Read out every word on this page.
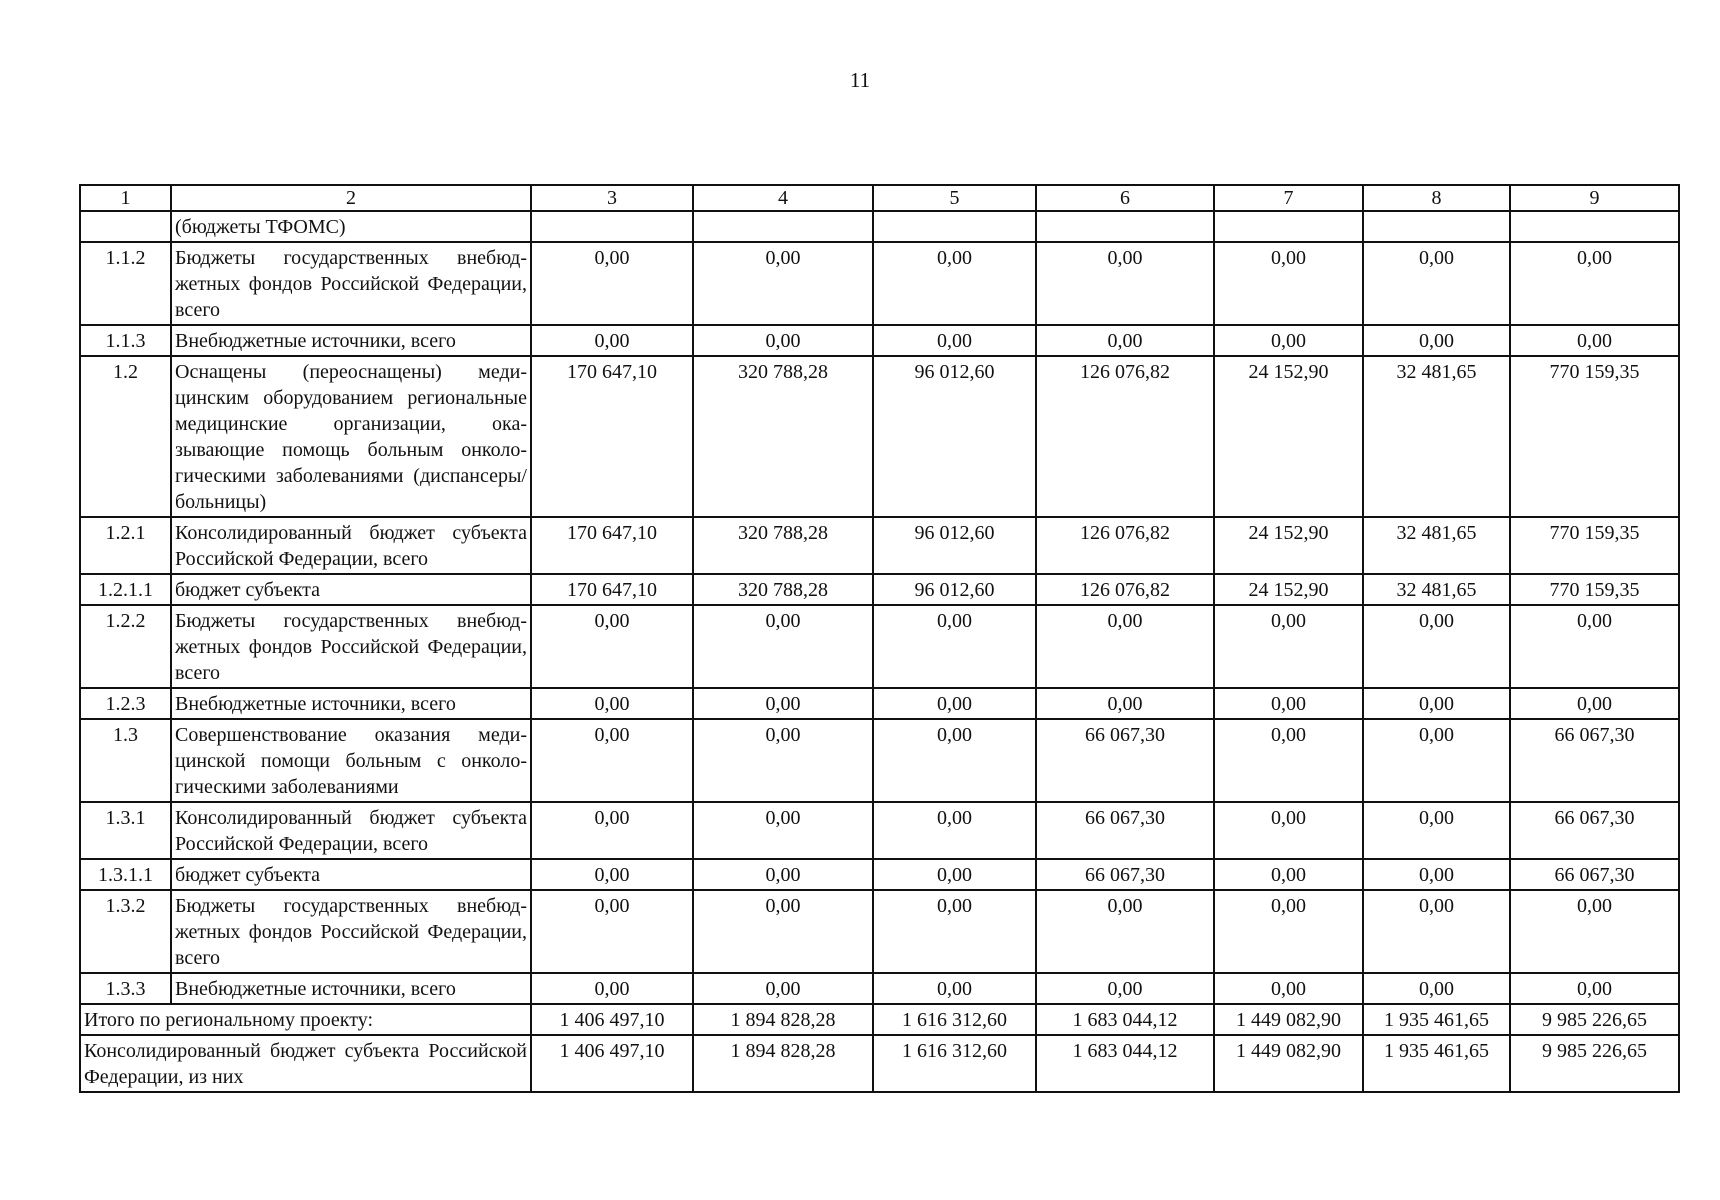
11
1	2	3	4	5	6	7	8	9
	(бюджеты ТФОМС)							
1.1.2	Бюджеты государственных внебюджетных фондов Российской Федерации, всего	0,00	0,00	0,00	0,00	0,00	0,00	0,00
1.1.3	Внебюджетные источники, всего	0,00	0,00	0,00	0,00	0,00	0,00	0,00
1.2	Оснащены (переоснащены) медицинским оборудованием региональные медицинские организации, оказывающие помощь больным онкологическими заболеваниями (диспансеры/больницы)	170 647,10	320 788,28	96 012,60	126 076,82	24 152,90	32 481,65	770 159,35
1.2.1	Консолидированный бюджет субъекта Российской Федерации, всего	170 647,10	320 788,28	96 012,60	126 076,82	24 152,90	32 481,65	770 159,35
1.2.1.1	бюджет субъекта	170 647,10	320 788,28	96 012,60	126 076,82	24 152,90	32 481,65	770 159,35
1.2.2	Бюджеты государственных внебюджетных фондов Российской Федерации, всего	0,00	0,00	0,00	0,00	0,00	0,00	0,00
1.2.3	Внебюджетные источники, всего	0,00	0,00	0,00	0,00	0,00	0,00	0,00
1.3	Совершенствование оказания медицинской помощи больным с онкологическими заболеваниями	0,00	0,00	0,00	66 067,30	0,00	0,00	66 067,30
1.3.1	Консолидированный бюджет субъекта Российской Федерации, всего	0,00	0,00	0,00	66 067,30	0,00	0,00	66 067,30
1.3.1.1	бюджет субъекта	0,00	0,00	0,00	66 067,30	0,00	0,00	66 067,30
1.3.2	Бюджеты государственных внебюджетных фондов Российской Федерации, всего	0,00	0,00	0,00	0,00	0,00	0,00	0,00
1.3.3	Внебюджетные источники, всего	0,00	0,00	0,00	0,00	0,00	0,00	0,00
Итого по региональному проекту:		1 406 497,10	1 894 828,28	1 616 312,60	1 683 044,12	1 449 082,90	1 935 461,65	9 985 226,65
Консолидированный бюджет субъекта Российской Федерации, из них		1 406 497,10	1 894 828,28	1 616 312,60	1 683 044,12	1 449 082,90	1 935 461,65	9 985 226,65
